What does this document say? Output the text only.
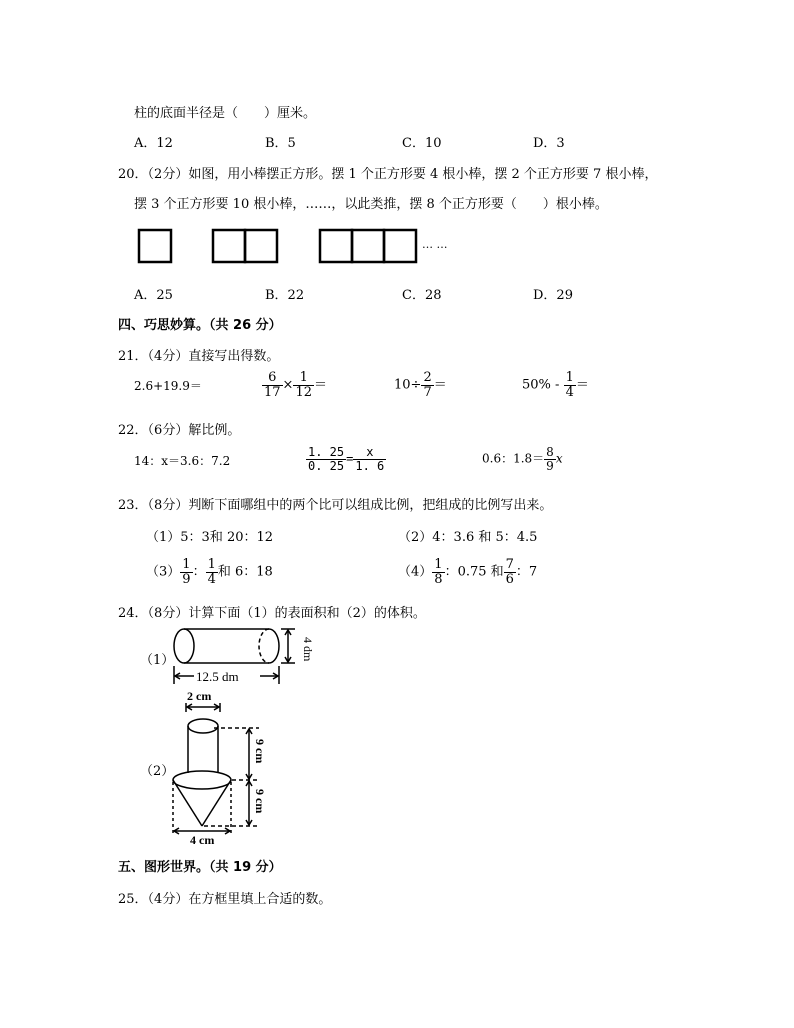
柱的底面半径是（　　）厘米。
A．12	B．5	C．10	D．3
20．（2分）如图，用小棒摆正方形。摆 1 个正方形要 4 根小棒，摆 2 个正方形要 7 根小棒，
摆 3 个正方形要 10 根小棒，……，以此类推，摆 8 个正方形要（　　）根小棒。
… …
A．25	B．22	C．28	D．29
四、巧思妙算。（共 26 分）
21．（4分）直接写出得数。
2.6+19.9＝	$\frac{6}{17} \times \frac{1}{12}$ ＝	$10\div \frac{2}{7}$ ＝	$50\% - \frac{1}{4}$ ＝
22．（6分）解比例。
14：x＝3.6：7.2	$\frac{1. 25}{0. 25} = \frac{x}{1. 6}$	0.6：$1.8= \frac{8}{9}$ x
23．（8分）判断下面哪组中的两个比可以组成比例，把组成的比例写出来。
（1）5：3和 20：12	（2）4：3.6 和 5：4.5
$(3) \frac{1}{9}$ ： $\frac{1}{4}$ 和 6：18	$(4) \frac{1}{8}$ ：0.75 和 $\frac{7}{6}$ ：7
24．（8分）计算下面（1）的表面积和（2）的体积。
（1）
12.5 dm
4 dm
（2）
2 cm
9 cm
9 cm
4 cm
五、图形世界。（共 19 分）
25．（4分）在方框里填上合适的数。
